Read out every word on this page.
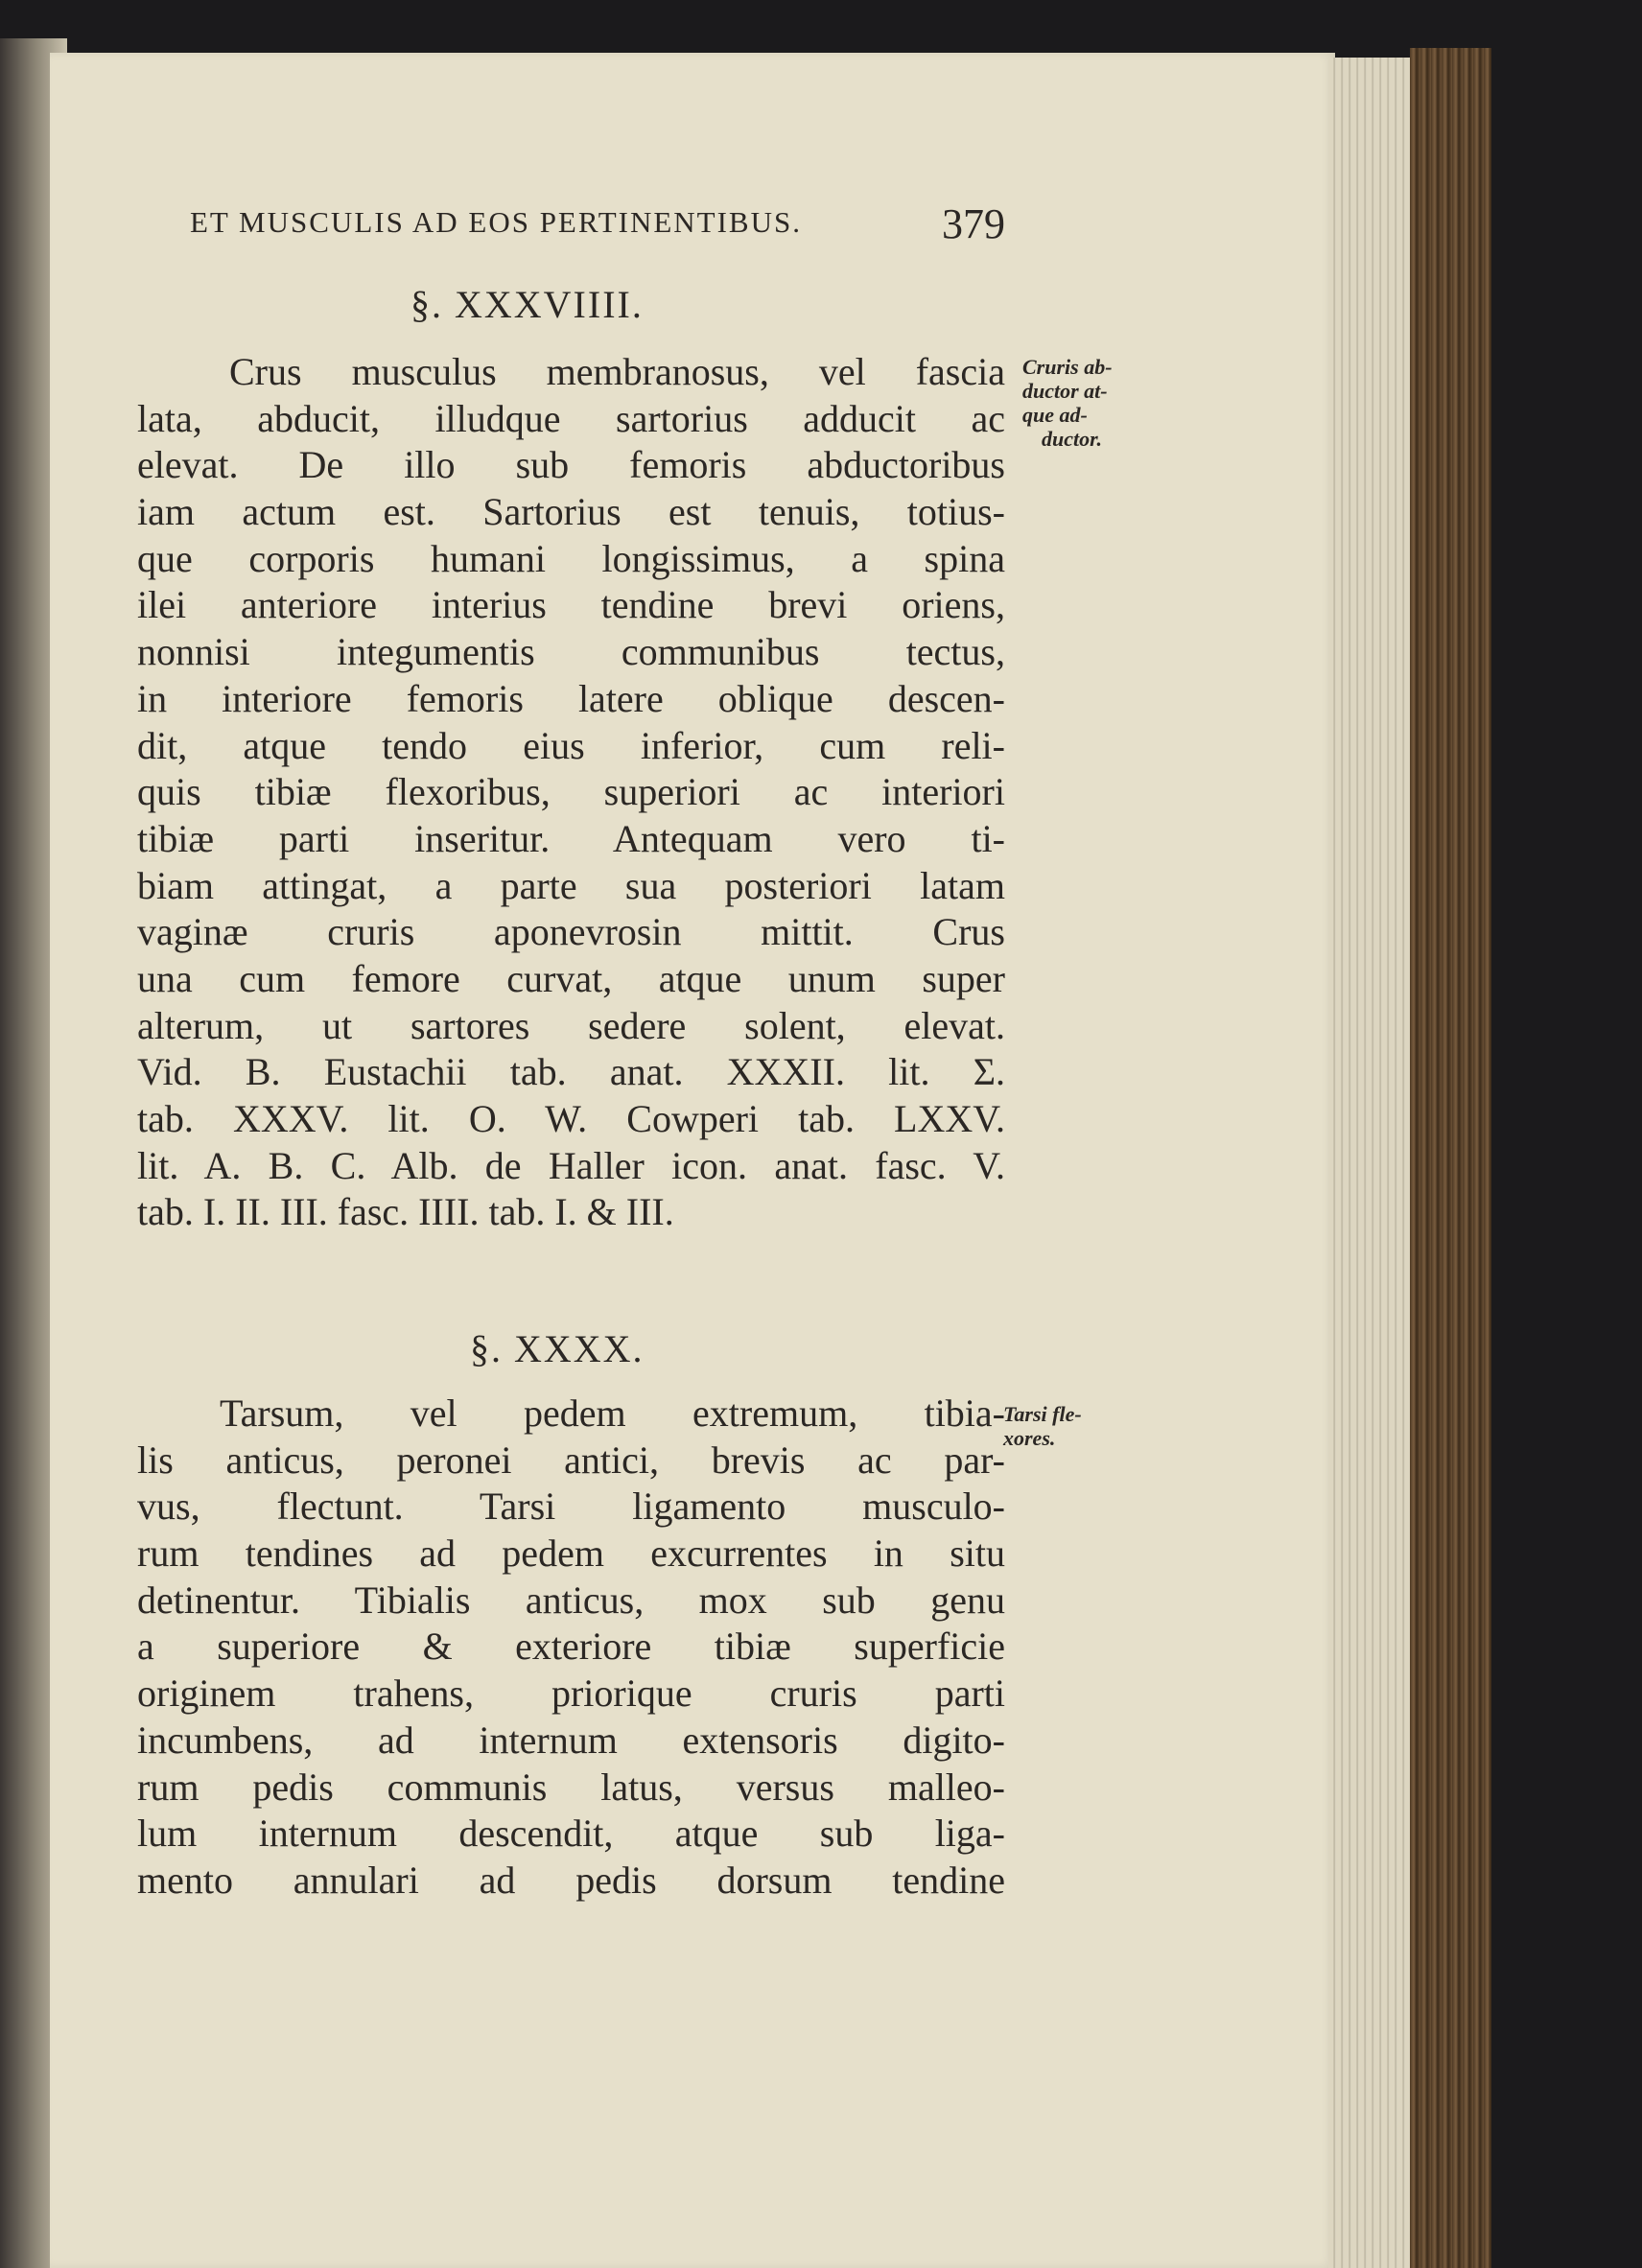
ET MUSCULIS AD EOS PERTINENTIBUS.	379
§. XXXVIIII.
Crus musculus membranosus, vel fascia
lata, abducit, illudque sartorius adducit ac
elevat. De illo sub femoris abductoribus
iam actum est. Sartorius est tenuis, totius-
que corporis humani longissimus, a spina
ilei anteriore interius tendine brevi oriens,
nonnisi integumentis communibus tectus,
in interiore femoris latere oblique descen-
dit, atque tendo eius inferior, cum reli-
quis tibiæ flexoribus, superiori ac interiori
tibiæ parti inseritur. Antequam vero ti-
biam attingat, a parte sua posteriori latam
vaginæ cruris aponevrosin mittit. Crus
una cum femore curvat, atque unum super
alterum, ut sartores sedere solent, elevat.
Vid. B. Eustachii tab. anat. XXXII. lit. Σ.
tab. XXXV. lit. O. W. Cowperi tab. LXXV.
lit. A. B. C. Alb. de Haller icon. anat. fasc. V.
tab. I. II. III. fasc. IIII. tab. I. & III.
Cruris ab-
ductor at-
que ad-
ductor.
§. XXXX.
Tarsum, vel pedem extremum, tibia-
lis anticus, peronei antici, brevis ac par-
vus, flectunt. Tarsi ligamento musculo-
rum tendines ad pedem excurrentes in situ
detinentur. Tibialis anticus, mox sub genu
a superiore & exteriore tibiæ superficie
originem trahens, priorique cruris parti
incumbens, ad internum extensoris digito-
rum pedis communis latus, versus malleo-
lum internum descendit, atque sub liga-
mento annulari ad pedis dorsum tendine
Tarsi fle-
xores.
